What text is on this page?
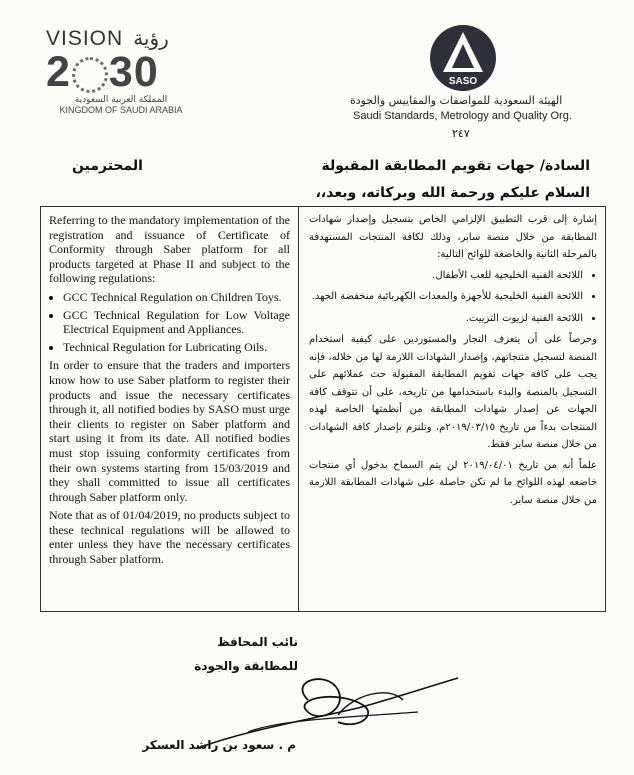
VISION رؤية
2 30
المملكة العربية السعودية
KINGDOM OF SAUDI ARABIA
SASO
الهيئة السعودية للمواصفات والمقاييس والجودة
Saudi Standards, Metrology and Quality Org.
٢٤٧
السادة/ جهات تقويم المطابقة المقبولة
المحترمين
السلام عليكم ورحمة الله وبركاته، وبعد،،

Referring to the mandatory implementation of the registration and issuance of Certificate of Conformity through Saber platform for all products targeted at Phase II and subject to the following regulations:

• GCC Technical Regulation on Children Toys.
• GCC Technical Regulation for Low Voltage Electrical Equipment and Appliances.
• Technical Regulation for Lubricating Oils.

In order to ensure that the traders and importers know how to use Saber platform to register their products and issue the necessary certificates through it, all notified bodies by SASO must urge their clients to register on Saber platform and start using it from its date. All notified bodies must stop issuing conformity certificates from their own systems starting from 15/03/2019 and they shall committed to issue all certificates through Saber platform only.

Note that as of 01/04/2019, no products subject to these technical regulations will be allowed to enter unless they have the necessary certificates through Saber platform.

إشارة إلى قرب التطبيق الإلزامي الخاص بتسجيل وإصدار شهادات المطابقة من خلال منصة سابر، وذلك لكافة المنتجات المستهدفة بالمرحلة الثانية والخاضعة للوائح التالية:

• اللائحة الفنية الخليجية للعب الأطفال.
• اللائحة الفنية الخليجية للأجهزة والمعدات الكهربائية منخفضة الجهد.
• اللائحة الفنية لزيوت التزييت.

وحرصاً على أن يتعرف التجار والمستوردين على كيفية استخدام المنصة لتسجيل منتجاتهم، وإصدار الشهادات اللازمة لها من خلاله، فإنه يجب على كافة جهات تقويم المطابقة المقبولة حث عملائهم على التسجيل بالمنصة والبدء باستخدامها من تاريخه، على أن تتوقف كافة الجهات عن إصدار شهادات المطابقة من أنظمتها الخاصة لهذه المنتجات بدءاً من تاريخ ٢٠١٩/٠٣/١٥م، وتلتزم بإصدار كافة الشهادات من خلال منصة سابر فقط.

علماً أنه من تاريخ ٢٠١٩/٠٤/٠١ لن يتم السماح بدخول أي منتجات خاضعه لهذه اللوائح ما لم تكن حاصلة على شهادات المطابقة اللازمة من خلال منصة سابر.

نائب المحافظ
للمطابقة والجودة
م . سعود بن راشد العسكر
